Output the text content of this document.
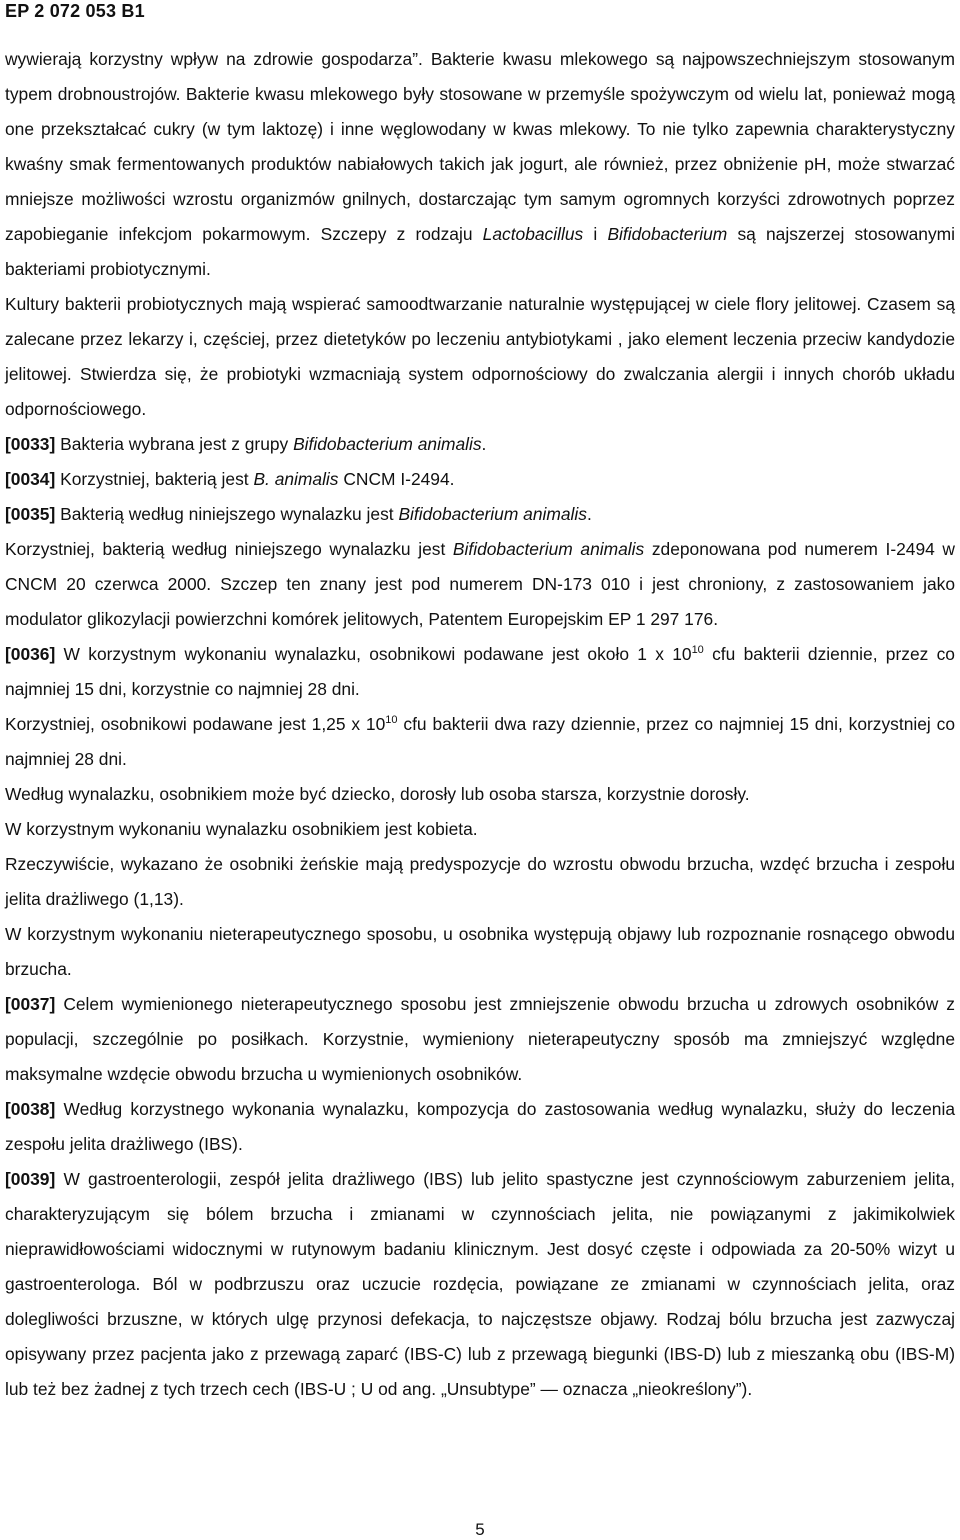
EP 2 072 053 B1

wywierają korzystny wpływ na zdrowie gospodarza”. Bakterie kwasu mlekowego są najpowszechniejszym stosowanym typem drobnoustrojów. Bakterie kwasu mlekowego były stosowane w przemyśle spożywczym od wielu lat, ponieważ mogą one przekształcać cukry (w tym laktozę) i inne węglowodany w kwas mlekowy. To nie tylko zapewnia charakterystyczny kwaśny smak fermentowanych produktów nabiałowych takich jak jogurt, ale również, przez obniżenie pH, może stwarzać mniejsze możliwości wzrostu organizmów gnilnych, dostarczając tym samym ogromnych korzyści zdrowotnych poprzez zapobieganie infekcjom pokarmowym. Szczepy z rodzaju Lactobacillus i Bifidobacterium są najszerzej stosowanymi bakteriami probiotycznymi.

Kultury bakterii probiotycznych mają wspierać samoodtwarzanie naturalnie występującej w ciele flory jelitowej. Czasem są zalecane przez lekarzy i, częściej, przez dietetyków po leczeniu antybiotykami , jako element leczenia przeciw kandydozie jelitowej. Stwierdza się, że probiotyki wzmacniają system odpornościowy do zwalczania alergii i innych chorób układu odpornościowego.

[0033] Bakteria wybrana jest z grupy Bifidobacterium animalis.

[0034] Korzystniej, bakterią jest B. animalis CNCM I-2494.

[0035] Bakterią według niniejszego wynalazku jest Bifidobacterium animalis.

Korzystniej, bakterią według niniejszego wynalazku jest Bifidobacterium animalis zdeponowana pod numerem I-2494 w CNCM 20 czerwca 2000. Szczep ten znany jest pod numerem DN-173 010 i jest chroniony, z zastosowaniem jako modulator glikozylacji powierzchni komórek jelitowych, Patentem Europejskim EP 1 297 176.

[0036] W korzystnym wykonaniu wynalazku, osobnikowi podawane jest około 1 x $10^{10}$ cfu bakterii dziennie, przez co najmniej 15 dni, korzystnie co najmniej 28 dni.

Korzystniej, osobnikowi podawane jest 1,25 x $10^{10}$ cfu bakterii dwa razy dziennie, przez co najmniej 15 dni, korzystniej co najmniej 28 dni.

Według wynalazku, osobnikiem może być dziecko, dorosły lub osoba starsza, korzystnie dorosły.

W korzystnym wykonaniu wynalazku osobnikiem jest kobieta.

Rzeczywiście, wykazano że osobniki żeńskie mają predyspozycje do wzrostu obwodu brzucha, wzdęć brzucha i zespołu jelita drażliwego (1,13).

W korzystnym wykonaniu nieterapeutycznego sposobu, u osobnika występują objawy lub rozpoznanie rosnącego obwodu brzucha.

[0037] Celem wymienionego nieterapeutycznego sposobu jest zmniejszenie obwodu brzucha u zdrowych osobników z populacji, szczególnie po posiłkach. Korzystnie, wymieniony nieterapeutyczny sposób ma zmniejszyć względne maksymalne wzdęcie obwodu brzucha u wymienionych osobników.

[0038] Według korzystnego wykonania wynalazku, kompozycja do zastosowania według wynalazku, służy do leczenia zespołu jelita drażliwego (IBS).

[0039] W gastroenterologii, zespół jelita drażliwego (IBS) lub jelito spastyczne jest czynnościowym zaburzeniem jelita, charakteryzującym się bólem brzucha i zmianami w czynnościach jelita, nie powiązanymi z jakimikolwiek nieprawidłowościami widocznymi w rutynowym badaniu klinicznym. Jest dosyć częste i odpowiada za 20-50% wizyt u gastroenterologa. Ból w podbrzuszu oraz uczucie rozdęcia, powiązane ze zmianami w czynnościach jelita, oraz dolegliwości brzuszne, w których ulgę przynosi defekacja, to najczęstsze objawy. Rodzaj bólu brzucha jest zazwyczaj opisywany przez pacjenta jako z przewagą zaparć (IBS-C) lub z przewagą biegunki (IBS-D) lub z mieszanką obu (IBS-M) lub też bez żadnej z tych trzech cech (IBS-U ; U od ang. „Unsubtype” — oznacza „nieokreślony”).

5
